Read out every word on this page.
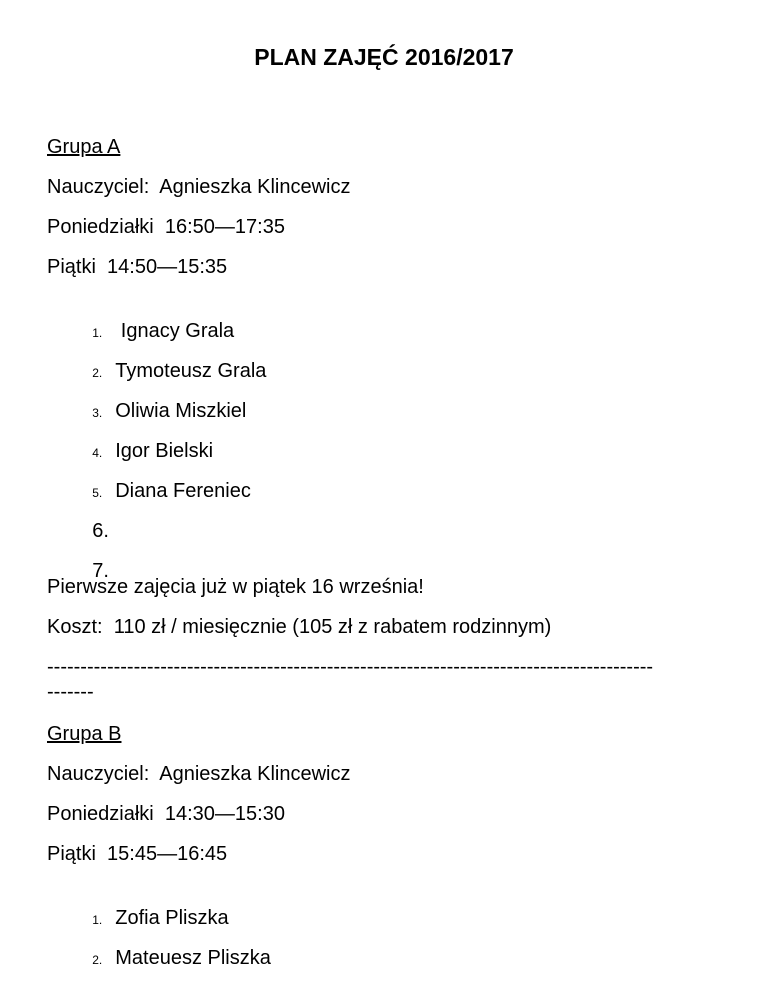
PLAN ZAJĘĆ 2016/2017
Grupa A
Nauczyciel:  Agnieszka Klincewicz
Poniedziałki  16:50—17:35
Piątki  14:50—15:35

1. Ignacy Grala

2. Tymoteusz Grala

3. Oliwia Miszkiel

4. Igor Bielski

5. Diana Fereniec

6.

7.

Pierwsze zajęcia już w piątek 16 września!
Koszt:  110 zł / miesięcznie (105 zł z rabatem rodzinnym)
-------------------------------------------------------------------------------------------
-------
Grupa B
Nauczyciel:  Agnieszka Klincewicz
Poniedziałki  14:30—15:30
Piątki  15:45—16:45

1. Zofia Pliszka

2. Mateuesz Pliszka
